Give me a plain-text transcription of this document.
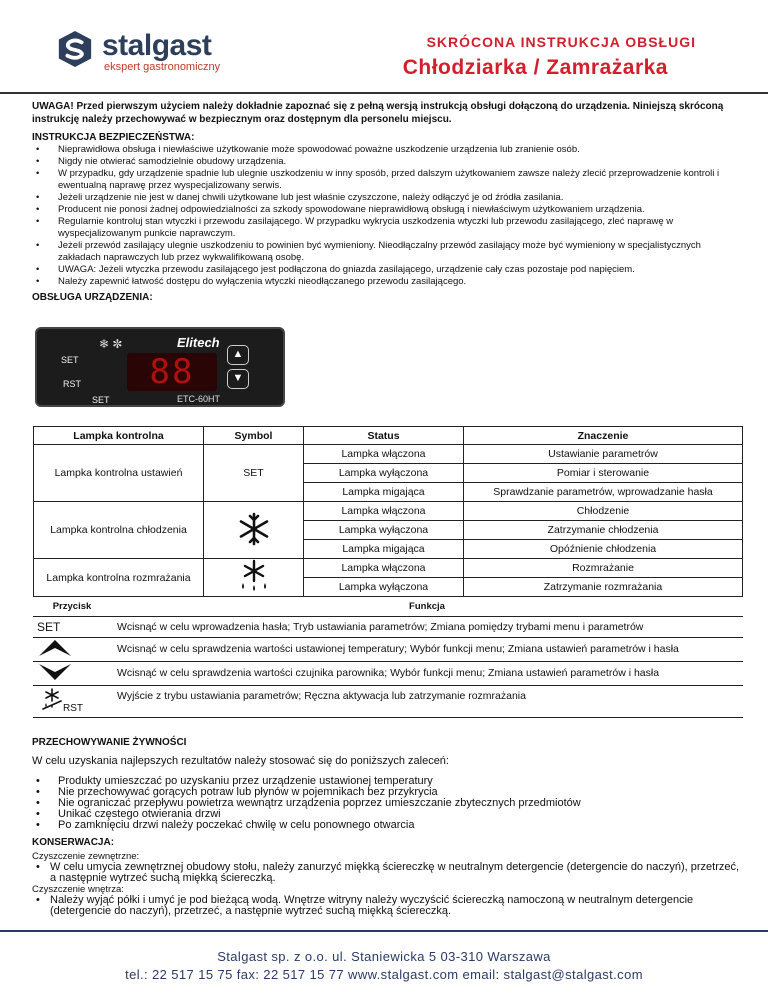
stalgast
ekspert gastronomiczny
SKRÓCONA INSTRUKCJA OBSŁUGI
Chłodziarka / Zamrażarka
UWAGA! Przed pierwszym użyciem należy dokładnie zapoznać się z pełną wersją instrukcją obsługi dołączoną do urządzenia. Niniejszą skróconą instrukcję należy przechowywać w bezpiecznym oraz dostępnym dla personelu miejscu.
INSTRUKCJA BEZPIECZEŃSTWA:
• Nieprawidłowa obsługa i niewłaściwe użytkowanie może spowodować poważne uszkodzenie urządzenia lub zranienie osób.
• Nigdy nie otwierać samodzielnie obudowy urządzenia.
• W przypadku, gdy urządzenie spadnie lub ulegnie uszkodzeniu w inny sposób, przed dalszym użytkowaniem zawsze należy zlecić przeprowadzenie kontroli i ewentualną naprawę przez wyspecjalizowany serwis.
• Jeżeli urządzenie nie jest w danej chwili użytkowane lub jest właśnie czyszczone, należy odłączyć je od źródła zasilania.
• Producent nie ponosi żadnej odpowiedzialności za szkody spowodowane nieprawidłową obsługą i niewłaściwym użytkowaniem urządzenia.
• Regularnie kontroluj stan wtyczki i przewodu zasilającego. W przypadku wykrycia uszkodzenia wtyczki lub przewodu zasilającego, zleć naprawę w wyspecjalizowanym punkcie naprawczym.
• Jeżeli przewód zasilający ulegnie uszkodzeniu to powinien być wymieniony. Nieodłączalny przewód zasilający może być wymieniony w specjalistycznych zakładach naprawczych lub przez wykwalifikowaną osobę.
• UWAGA: Jeżeli wtyczka przewodu zasilającego jest podłączona do gniazda zasilającego, urządzenie cały czas pozostaje pod napięciem.
• Należy zapewnić łatwość dostępu do wyłączenia wtyczki nieodłączanego przewodu zasilającego.
OBSŁUGA URZĄDZENIA:
❄ ✼	Elitech
SET
RST
SET
88	▲
▼
ETC-60HT
Lampka kontrolna	Symbol	Status	Znaczenie
Lampka kontrolna ustawień	SET	Lampka włączona	Ustawianie parametrów
		Lampka wyłączona	Pomiar i sterowanie
		Lampka migająca	Sprawdzanie parametrów, wprowadzanie hasła
Lampka kontrolna chłodzenia		Lampka włączona	Chłodzenie
		Lampka wyłączona	Zatrzymanie chłodzenia
		Lampka migająca	Opóźnienie chłodzenia
Lampka kontrolna rozmrażania		Lampka włączona	Rozmrażanie
		Lampka wyłączona	Zatrzymanie rozmrażania
Przycisk	Funkcja
SET	Wcisnąć w celu wprowadzenia hasła; Tryb ustawiania parametrów; Zmiana pomiędzy trybami menu i parametrów
	Wcisnąć w celu sprawdzenia wartości ustawionej temperatury; Wybór funkcji menu; Zmiana ustawień parametrów i hasła
	Wcisnąć w celu sprawdzenia wartości czujnika parownika; Wybór funkcji menu; Zmiana ustawień parametrów i hasła

RST	Wyjście z trybu ustawiania parametrów; Ręczna aktywacja lub zatrzymanie rozmrażania
PRZECHOWYWANIE ŻYWNOŚCI
W celu uzyskania najlepszych rezultatów należy stosować się do poniższych zaleceń:
• Produkty umieszczać po uzyskaniu przez urządzenie ustawionej temperatury
• Nie przechowywać gorących potraw lub płynów w pojemnikach bez przykrycia
• Nie ograniczać przepływu powietrza wewnątrz urządzenia poprzez umieszczanie zbytecznych przedmiotów
• Unikać częstego otwierania drzwi
• Po zamknięciu drzwi należy poczekać chwilę w celu ponownego otwarcia
KONSERWACJA:
Czyszczenie zewnętrzne:
• W celu umycia zewnętrznej obudowy stołu, należy zanurzyć miękką ściereczkę w neutralnym detergencie (detergencie do naczyń), przetrzeć, a następnie wytrzeć suchą miękką ściereczką.
Czyszczenie wnętrza:
• Należy wyjąć półki i umyć je pod bieżącą wodą. Wnętrze witryny należy wyczyścić ściereczką namoczoną w neutralnym detergencie (detergencie do naczyń), przetrzeć, a następnie wytrzeć suchą miękką ściereczką.
Stalgast sp. z o.o. ul. Staniewicka 5 03-310 Warszawa
tel.: 22 517 15 75 fax: 22 517 15 77 www.stalgast.com email: stalgast@stalgast.com
